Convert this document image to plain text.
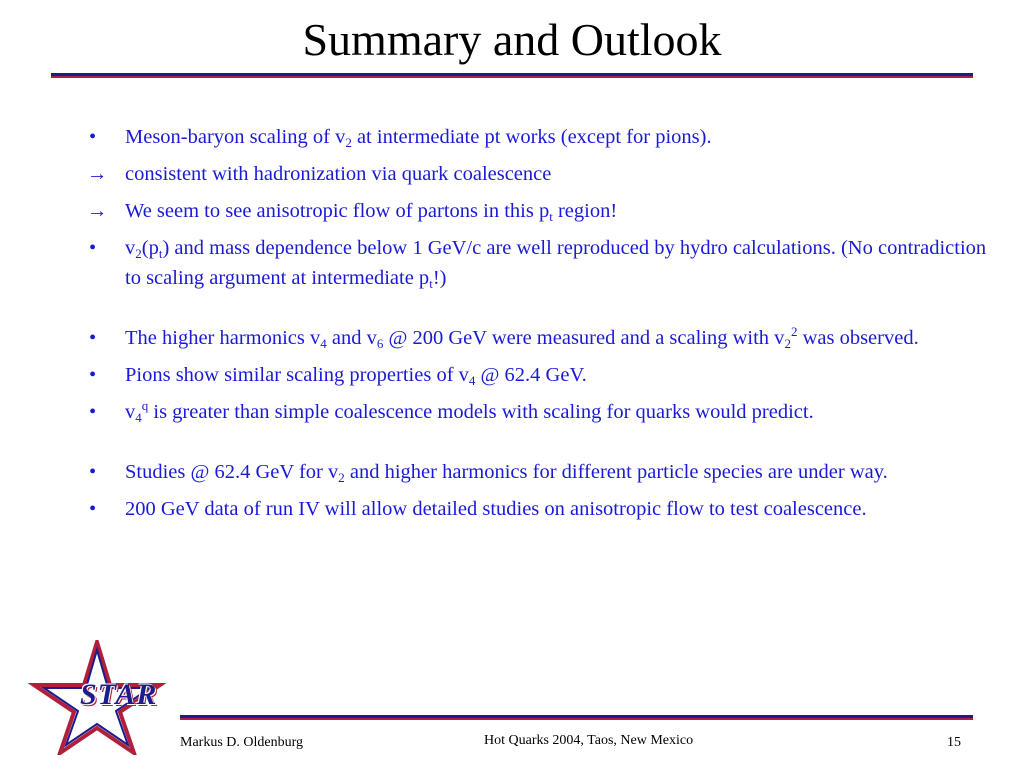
Summary and Outlook
•	Meson-baryon scaling of $v_2$ at intermediate pt works (except for pions).
→ consistent with hadronization via quark coalescence
→ We seem to see anisotropic flow of partons in this $p_t$ region!
•	$v_2(p_t)$ and mass dependence below 1 GeV/c are well reproduced by hydro calculations. (No contradiction to scaling argument at intermediate $p_t$!)
•	The higher harmonics $v_4$ and $v_6$ @ 200 GeV were measured and a scaling with $v_2^2$ was observed.
•	Pions show similar scaling properties of $v_4$ @ 62.4 GeV.
•	$v_4^q$ is greater than simple coalescence models with scaling for quarks would predict.
•	Studies @ 62.4 GeV for $v_2$ and higher harmonics for different particle species are under way.
•	200 GeV data of run IV will allow detailed studies on anisotropic flow to test coalescence.
STAR
Markus D. Oldenburg	Hot Quarks 2004, Taos, New Mexico	15
